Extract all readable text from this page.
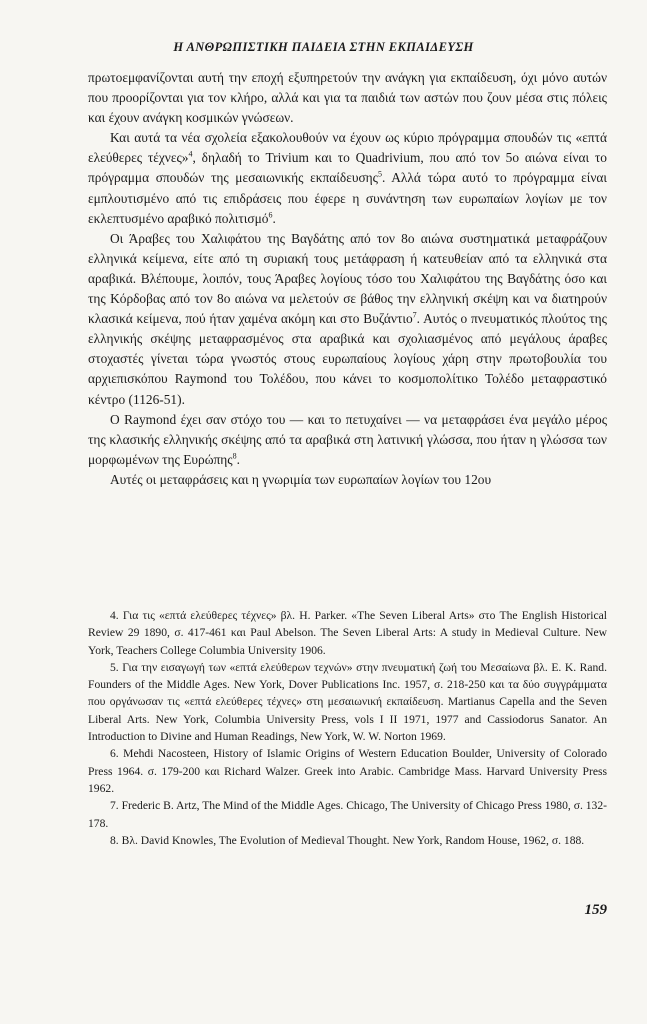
Η ΑΝΘΡΩΠΙΣΤΙΚΗ ΠΑΙΔΕΙΑ ΣΤΗΝ ΕΚΠΑΙΔΕΥΣΗ

πρωτοεμφανίζονται αυτή την εποχή εξυπηρετούν την ανάγκη για εκπαίδευση, όχι μόνο αυτών που προορίζονται για τον κλήρο, αλλά και για τα παιδιά των αστών που ζουν μέσα στις πόλεις και έχουν ανάγκη κοσμικών γνώσεων.

Και αυτά τα νέα σχολεία εξακολουθούν να έχουν ως κύριο πρόγραμμα σπουδών τις «επτά ελεύθερες τέχνες»$^4$, δηλαδή το Trivium και το Quadrivium, που από τον 5ο αιώνα είναι το πρόγραμμα σπουδών της μεσαιωνικής εκπαίδευσης$^5$. Αλλά τώρα αυτό το πρόγραμμα είναι εμπλουτισμένο από τις επιδράσεις που έφερε η συνάντηση των ευρωπαίων λογίων με τον εκλεπτυσμένο αραβικό πολιτισμό$^6$.

Οι Άραβες του Χαλιφάτου της Βαγδάτης από τον 8ο αιώνα συστηματικά μεταφράζουν ελληνικά κείμενα, είτε από τη συριακή τους μετάφραση ή κατευθείαν από τα ελληνικά στα αραβικά. Βλέπουμε, λοιπόν, τους Άραβες λογίους τόσο του Χαλιφάτου της Βαγδάτης όσο και της Κόρδοβας από τον 8ο αιώνα να μελετούν σε βάθος την ελληνική σκέψη και να διατηρούν κλασικά κείμενα, πού ήταν χαμένα ακόμη και στο Βυζάντιο$^7$. Αυτός ο πνευματικός πλούτος της ελληνικής σκέψης μεταφρασμένος στα αραβικά και σχολιασμένος από μεγάλους άραβες στοχαστές γίνεται τώρα γνωστός στους ευρωπαίους λογίους χάρη στην πρωτοβουλία του αρχιεπισκόπου Raymond του Τολέδου, που κάνει το κοσμοπολίτικο Τολέδο μεταφραστικό κέντρο (1126-51).

Ο Raymond έχει σαν στόχο του — και το πετυχαίνει — να μεταφράσει ένα μεγάλο μέρος της κλασικής ελληνικής σκέψης από τα αραβικά στη λατινική γλώσσα, που ήταν η γλώσσα των μορφωμένων της Ευρώπης$^8$.

Αυτές οι μεταφράσεις και η γνωριμία των ευρωπαίων λογίων του 12ου

4. Για τις «επτά ελεύθερες τέχνες» βλ. H. Parker. «The Seven Liberal Arts» στο The English Historical Review 29 1890, σ. 417-461 και Paul Abelson. The Seven Liberal Arts: A study in Medieval Culture. New York, Teachers College Columbia University 1906.

5. Για την εισαγωγή των «επτά ελεύθερων τεχνών» στην πνευματική ζωή του Μεσαίωνα βλ. E. K. Rand. Founders of the Middle Ages. New York, Dover Publications Inc. 1957, σ. 218-250 και τα δύο συγγράμματα που οργάνωσαν τις «επτά ελεύθερες τέχνες» στη μεσαιωνική εκπαίδευση. Martianus Capella and the Seven Liberal Arts. New York, Columbia University Press, vols I II 1971, 1977 and Cassiodorus Sanator. An Introduction to Divine and Human Readings, New York, W. W. Norton 1969.

6. Mehdi Nacosteen, History of Islamic Origins of Western Education Boulder, University of Colorado Press 1964. σ. 179-200 και Richard Walzer. Greek into Arabic. Cambridge Mass. Harvard University Press 1962.

7. Frederic B. Artz, The Mind of the Middle Ages. Chicago, The University of Chicago Press 1980, σ. 132-178.

8. Βλ. David Knowles, The Evolution of Medieval Thought. New York, Random House, 1962, σ. 188.

159
